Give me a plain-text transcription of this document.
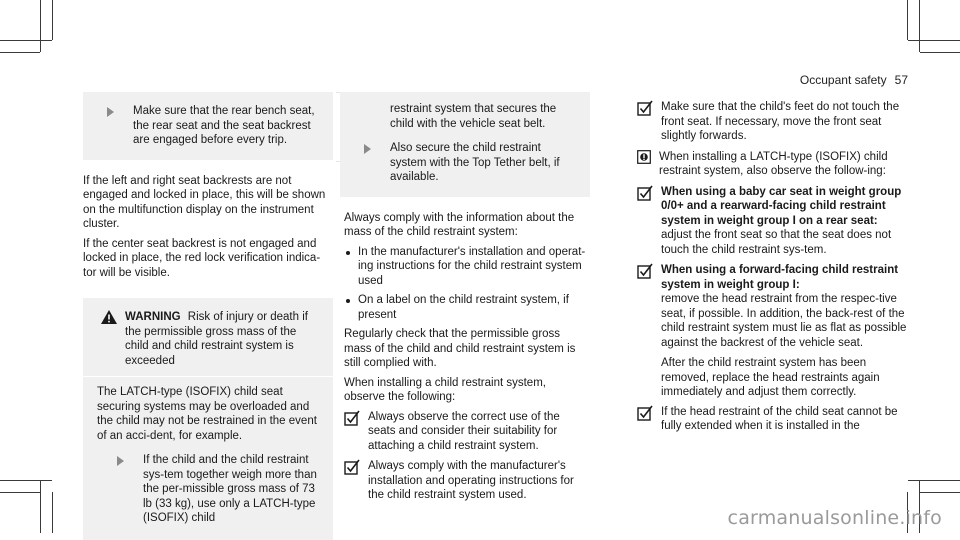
Occupant safety 57
Make sure that the rear bench seat, the rear seat and the seat backrest are engaged before every trip.

If the left and right seat backrests are not engaged and locked in place, this will be shown on the multifunction display on the instrument cluster.

If the center seat backrest is not engaged and locked in place, the red lock verification indica-tor will be visible.

WARNING Risk of injury or death if the permissible gross mass of the child and child restraint system is exceeded

The LATCH-type (ISOFIX) child seat securing systems may be overloaded and the child may not be restrained in the event of an acci-dent, for example.

If the child and the child restraint sys-tem together weigh more than the per-missible gross mass of 73 lb (33 kg), use only a LATCH-type (ISOFIX) child
restraint system that secures the child with the vehicle seat belt.
Also secure the child restraint system with the Top Tether belt, if available.

Always comply with the information about the mass of the child restraint system:

In the manufacturer's installation and operat-ing instructions for the child restraint system used
On a label on the child restraint system, if present

Regularly check that the permissible gross mass of the child and child restraint system is still complied with.

When installing a child restraint system, observe the following:

Always observe the correct use of the seats and consider their suitability for attaching a child restraint system.
Always comply with the manufacturer's installation and operating instructions for the child restraint system used.
Make sure that the child's feet do not touch the front seat. If necessary, move the front seat slightly forwards.
When installing a LATCH-type (ISOFIX) child restraint system, also observe the follow-ing:
When using a baby car seat in weight group 0/0+ and a rearward-facing child restraint system in weight group I on a rear seat: adjust the front seat so that the seat does not touch the child restraint sys-tem.
When using a forward-facing child restraint system in weight group I:
remove the head restraint from the respec-tive seat, if possible. In addition, the back-rest of the child restraint system must lie as flat as possible against the backrest of the vehicle seat.
After the child restraint system has been removed, replace the head restraints again immediately and adjust them correctly.
If the head restraint of the child seat cannot be fully extended when it is installed in the
carmanualsonline.info
